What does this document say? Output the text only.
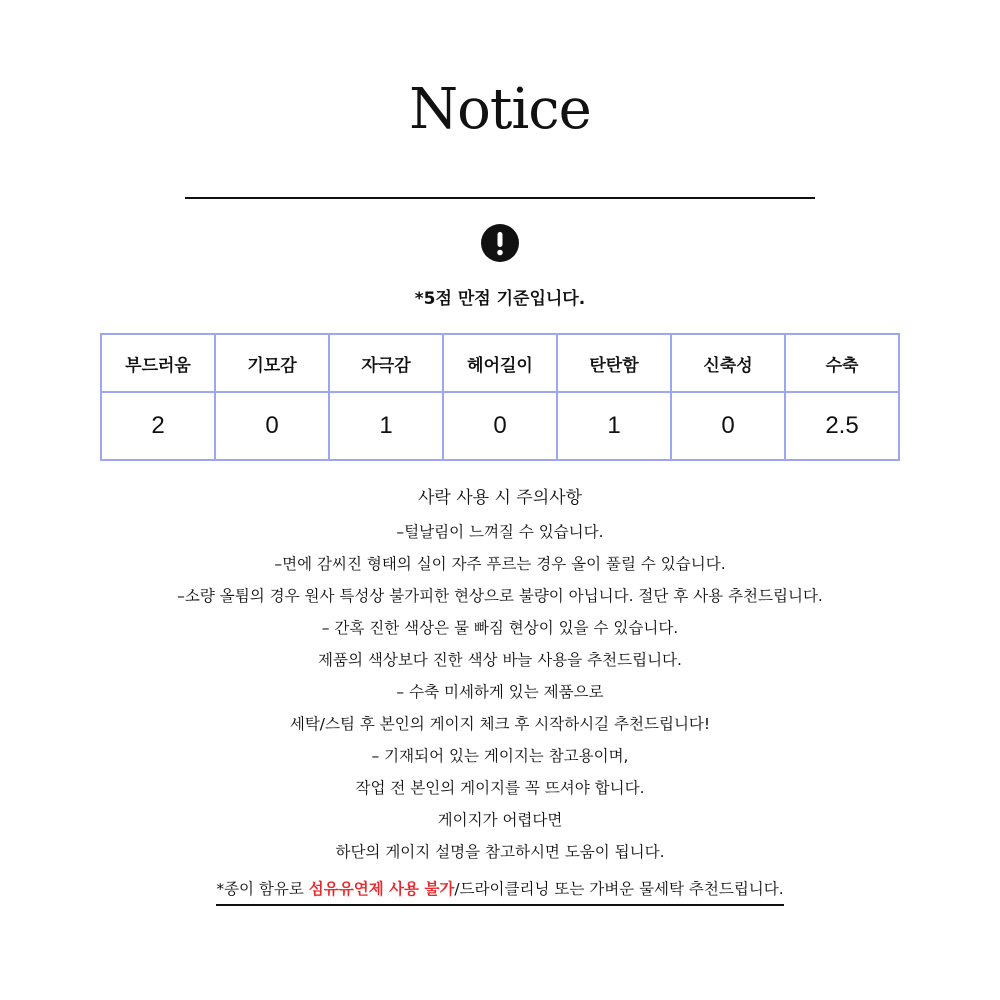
Notice
*5점 만점 기준입니다.
부드러움	기모감	자극감	헤어길이	탄탄함	신축성	수축
2	0	1	0	1	0	2.5
사락 사용 시 주의사항
–털날림이 느껴질 수 있습니다.
–면에 감씨진 형태의 실이 자주 푸르는 경우 올이 풀릴 수 있습니다.
–소량 올튐의 경우 원사 특성상 불가피한 현상으로 불량이 아닙니다. 절단 후 사용 추천드립니다.
– 간혹 진한 색상은 물 빠짐 현상이 있을 수 있습니다.
제품의 색상보다 진한 색상 바늘 사용을 추천드립니다.
– 수축 미세하게 있는 제품으로
세탁/스팀 후 본인의 게이지 체크 후 시작하시길 추천드립니다!
– 기재되어 있는 게이지는 참고용이며,
작업 전 본인의 게이지를 꼭 뜨셔야 합니다.
게이지가 어렵다면
하단의 게이지 설명을 참고하시면 도움이 됩니다.
*종이 함유로 섬유유연제 사용 불가/드라이클리닝 또는 가벼운 물세탁 추천드립니다.
